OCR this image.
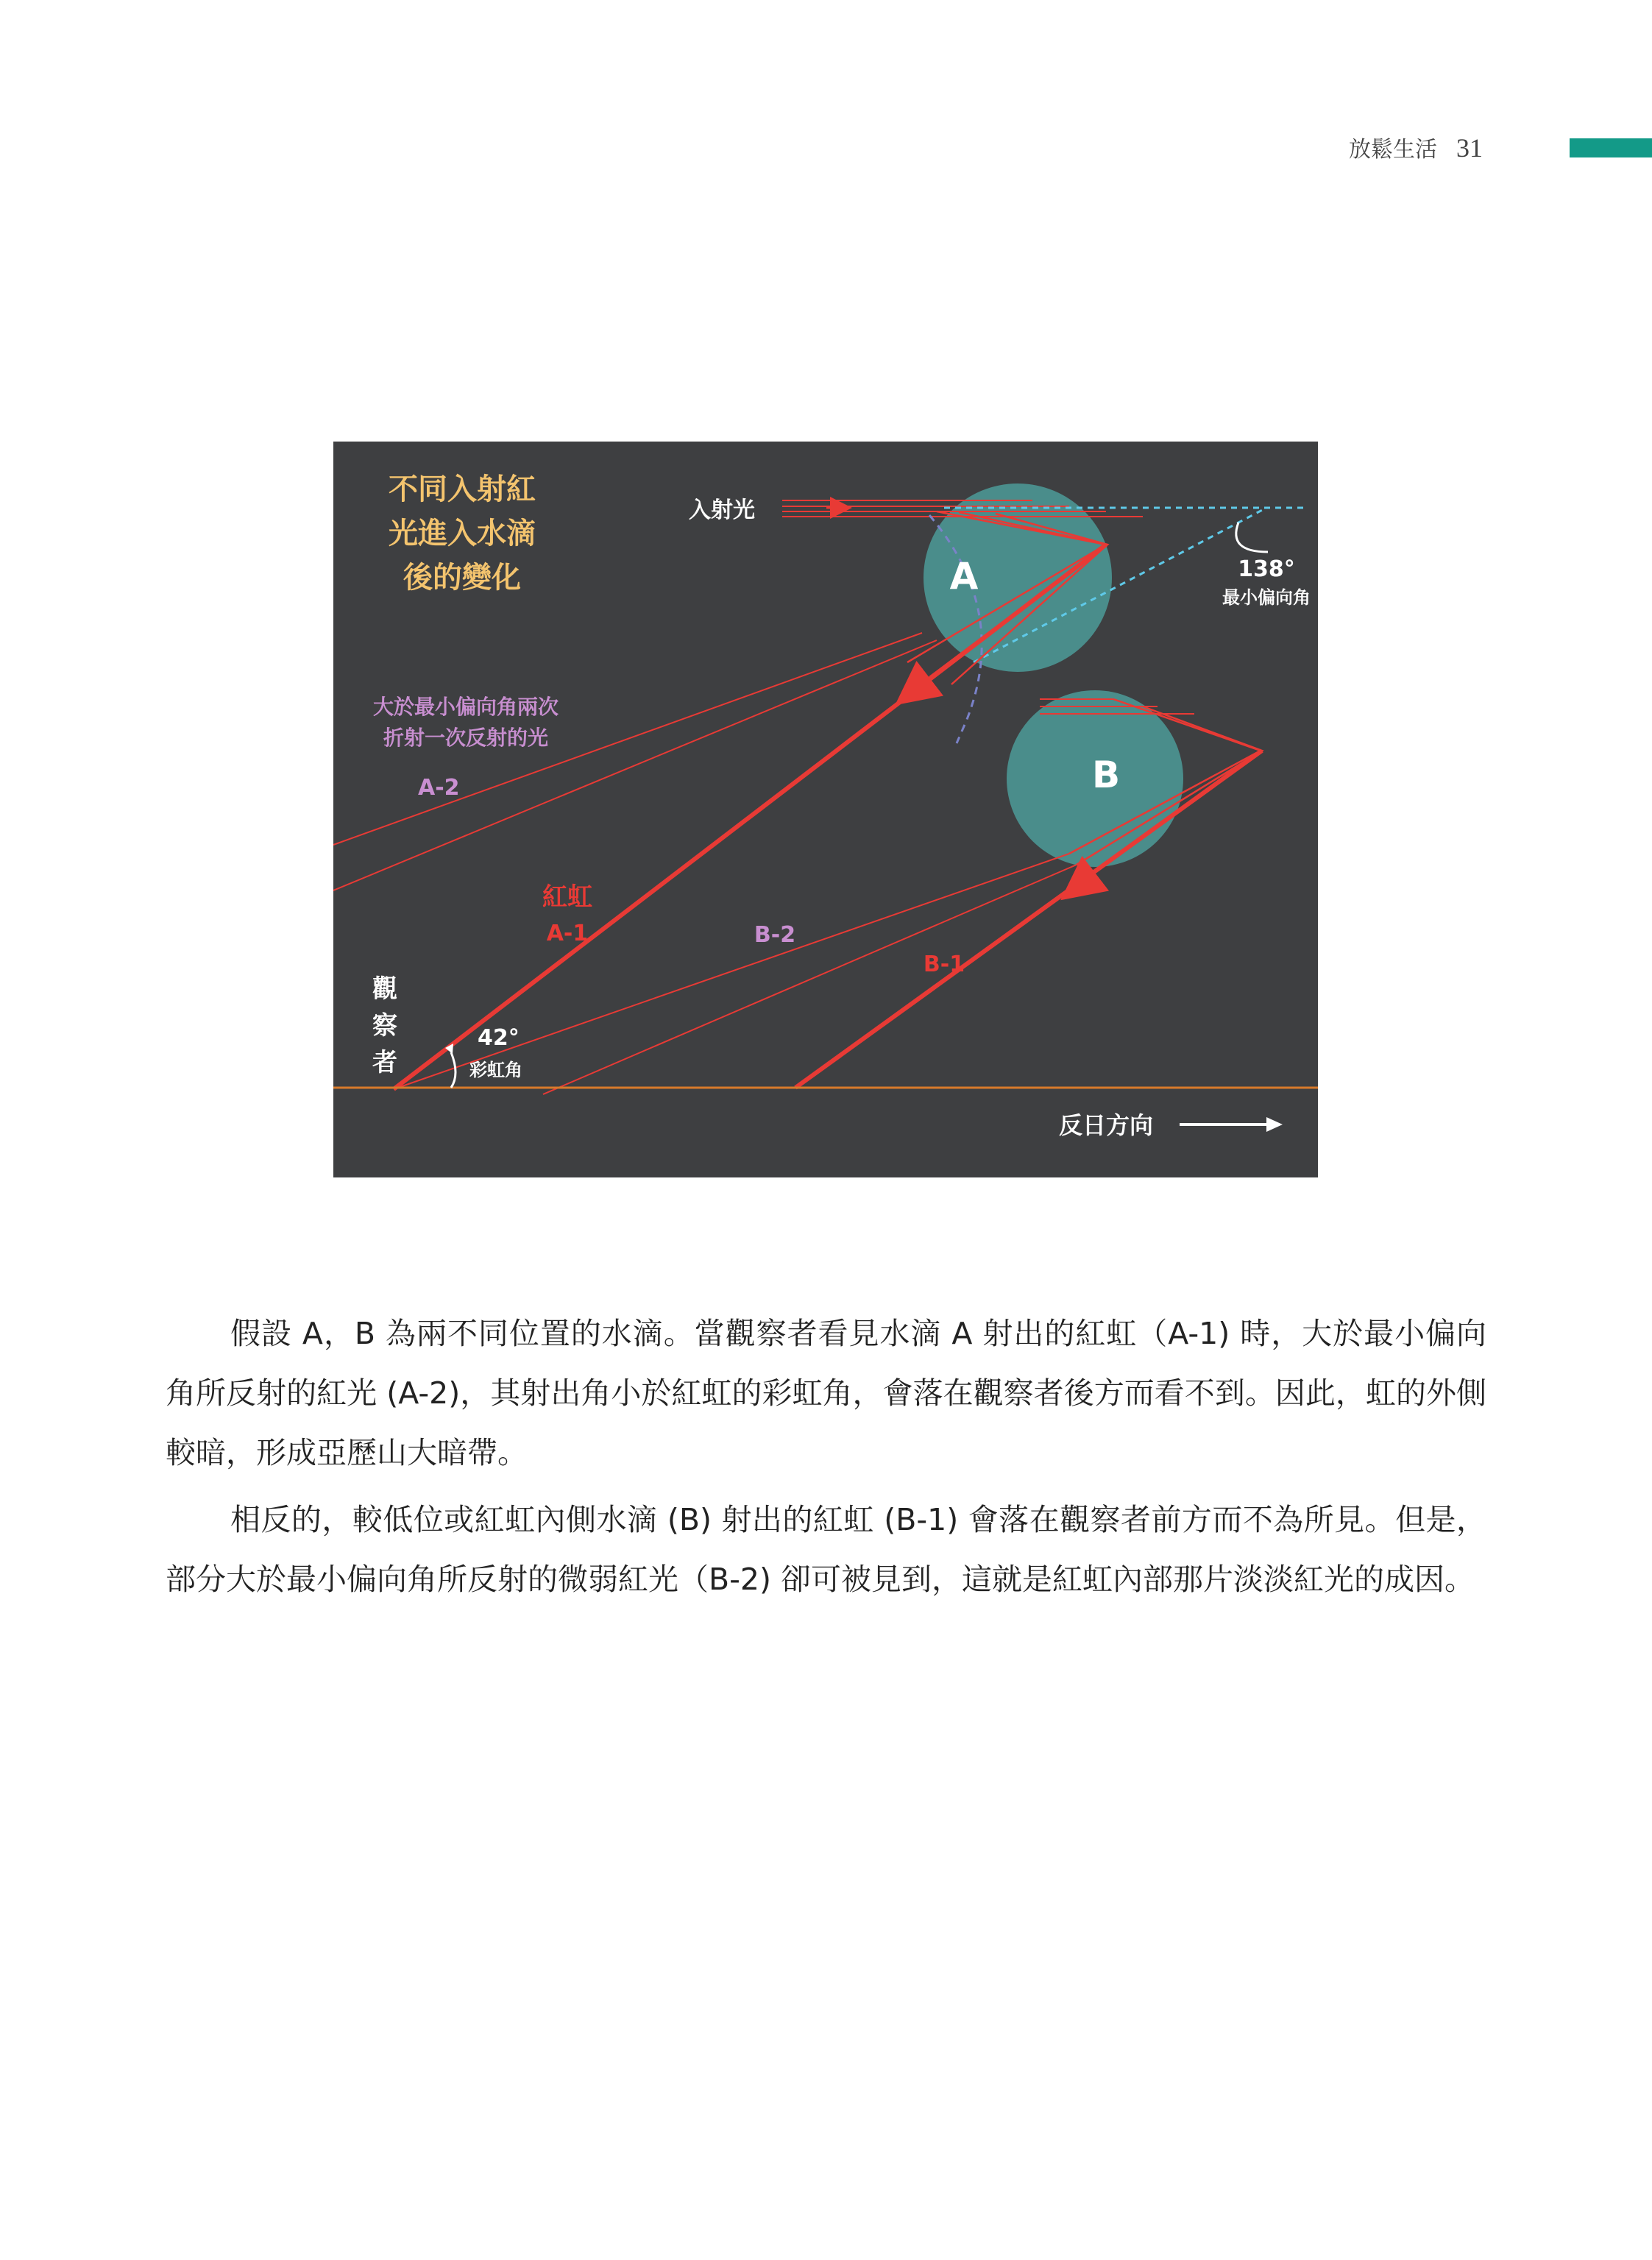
放鬆生活 31
不同入射紅
光進入水滴
後的變化
入射光
A
B
138°
最小偏向角
大於最小偏向角兩次
折射一次反射的光
A-2
紅虹
A-1	B-2
B-1
觀
察
者
42°
彩虹角
反日方向

假設 A，B 為兩不同位置的水滴。當觀察者看見水滴 A 射出的紅虹（A-1) 時，大於最小偏向角所反射的紅光 (A-2)，其射出角小於紅虹的彩虹角，會落在觀察者後方而看不到。因此，虹的外側較暗，形成亞歷山大暗帶。

相反的，較低位或紅虹內側水滴 (B) 射出的紅虹 (B-1) 會落在觀察者前方而不為所見。但是，部分大於最小偏向角所反射的微弱紅光（B-2) 卻可被見到，這就是紅虹內部那片淡淡紅光的成因。
